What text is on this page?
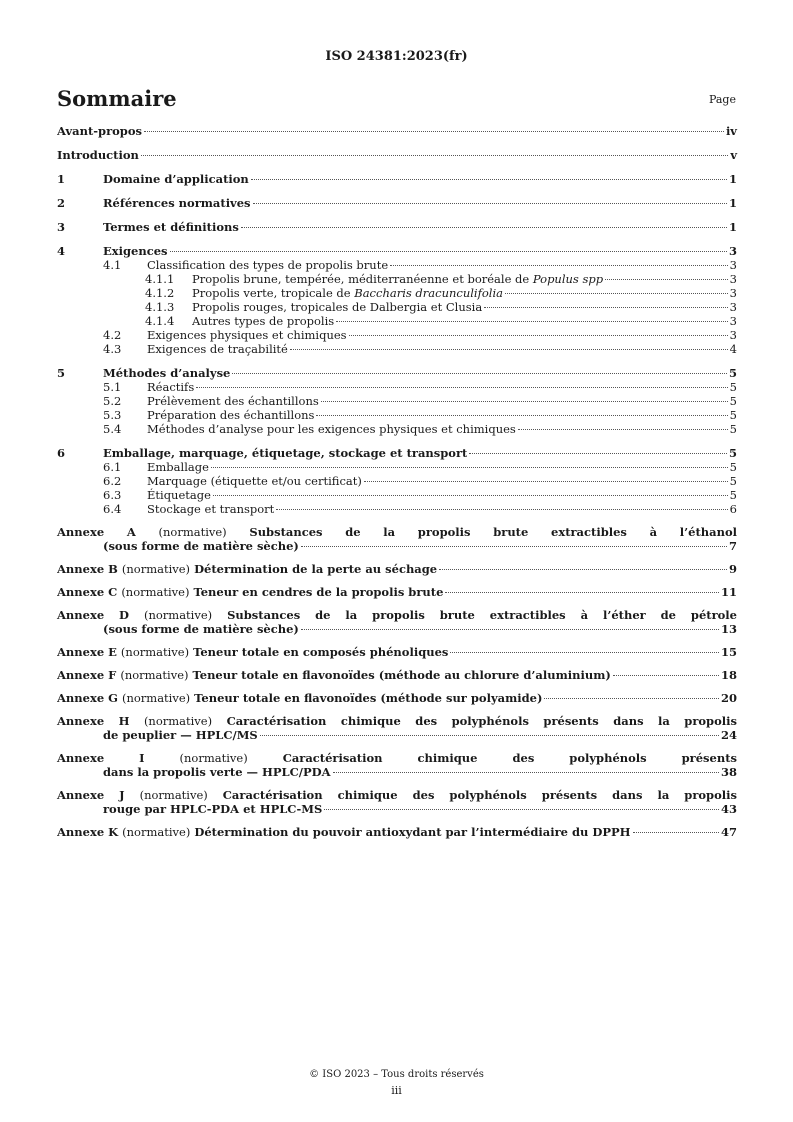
ISO 24381:2023(fr)
Sommaire	Page
Avant-propos	iv
Introduction	v
1	Domaine d’application	1
2	Références normatives	1
3	Termes et définitions	1
4	Exigences	3
4.1	Classification des types de propolis brute	3
4.1.1	Propolis brune, tempérée, méditerranéenne et boréale de Populus spp	3
4.1.2	Propolis verte, tropicale de Baccharis dracunculifolia	3
4.1.3	Propolis rouges, tropicales de Dalbergia et Clusia	3
4.1.4	Autres types de propolis	3
4.2	Exigences physiques et chimiques	3
4.3	Exigences de traçabilité	4
5	Méthodes d’analyse	5
5.1	Réactifs	5
5.2	Prélèvement des échantillons	5
5.3	Préparation des échantillons	5
5.4	Méthodes d’analyse pour les exigences physiques et chimiques	5
6	Emballage, marquage, étiquetage, stockage et transport	5
6.1	Emballage	5
6.2	Marquage (étiquette et/ou certificat)	5
6.3	Étiquetage	5
6.4	Stockage et transport	6
Annexe A (normative) Substances de la propolis brute extractibles à l’éthanol
(sous forme de matière sèche)	7
Annexe B (normative) Détermination de la perte au séchage	9
Annexe C (normative) Teneur en cendres de la propolis brute	11
Annexe D (normative) Substances de la propolis brute extractibles à l’éther de pétrole
(sous forme de matière sèche)	13
Annexe E (normative) Teneur totale en composés phénoliques	15
Annexe F (normative) Teneur totale en flavonoïdes (méthode au chlorure d’aluminium)	18
Annexe G (normative) Teneur totale en flavonoïdes (méthode sur polyamide)	20
Annexe H (normative) Caractérisation chimique des polyphénols présents dans la propolis
de peuplier — HPLC/MS	24
Annexe I	(normative)	Caractérisation chimique des polyphénols présents
dans la propolis verte — HPLC/PDA	38
Annexe J (normative) Caractérisation chimique des polyphénols présents dans la propolis
rouge par HPLC-PDA et HPLC-MS	43
Annexe K (normative) Détermination du pouvoir antioxydant par l’intermédiaire du DPPH	47
© ISO 2023 – Tous droits réservés
iii
